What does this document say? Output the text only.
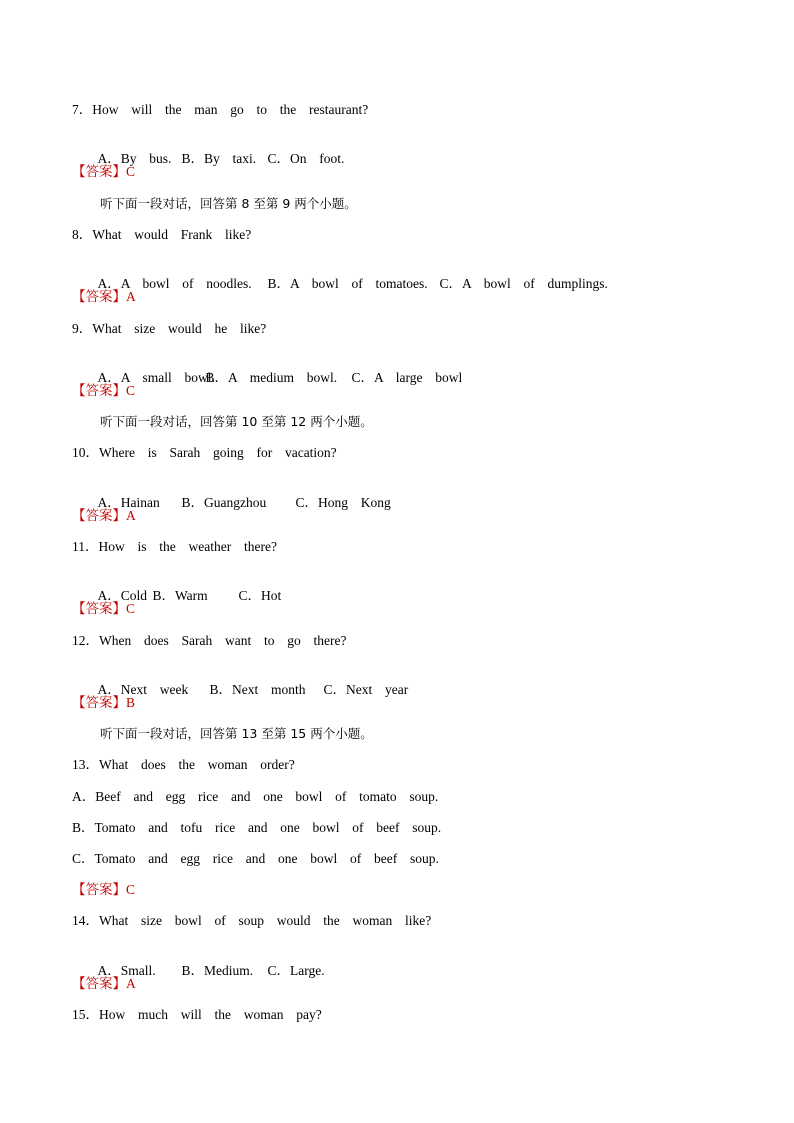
7．How  will  the  man  go  to  the  restaurant?

A．By  bus. B．By  taxi. C．On  foot.

【答案】C
听下面一段对话，回答第 8 至第 9 两个小题。
8．What  would  Frank  like?

A．A  bowl  of  noodles. B．A  bowl  of  tomatoes. C．A  bowl  of  dumplings.

【答案】A
9．What  size  would  he  like?

A．A  small  bowl.B．A  medium  bowl. C．A  large  bowl

【答案】C
听下面一段对话，回答第 10 至第 12 两个小题。
10．Where  is  Sarah  going  for  vacation?

A．Hainan B．Guangzhou C．Hong  Kong

【答案】A
11．How  is  the  weather  there?

A．Cold B．Warm C．Hot

【答案】C
12．When  does  Sarah  want  to  go  there?

A．Next  week B．Next  month C．Next  year

【答案】B
听下面一段对话，回答第 13 至第 15 两个小题。
13．What  does  the  woman  order?
A．Beef  and  egg  rice  and  one  bowl  of  tomato  soup.
B．Tomato  and  tofu  rice  and  one  bowl  of  beef  soup.
C．Tomato  and  egg  rice  and  one  bowl  of  beef  soup.
【答案】C
14．What  size  bowl  of  soup  would  the  woman  like?

A．Small. B．Medium. C．Large.

【答案】A
15．How  much  will  the  woman  pay?
